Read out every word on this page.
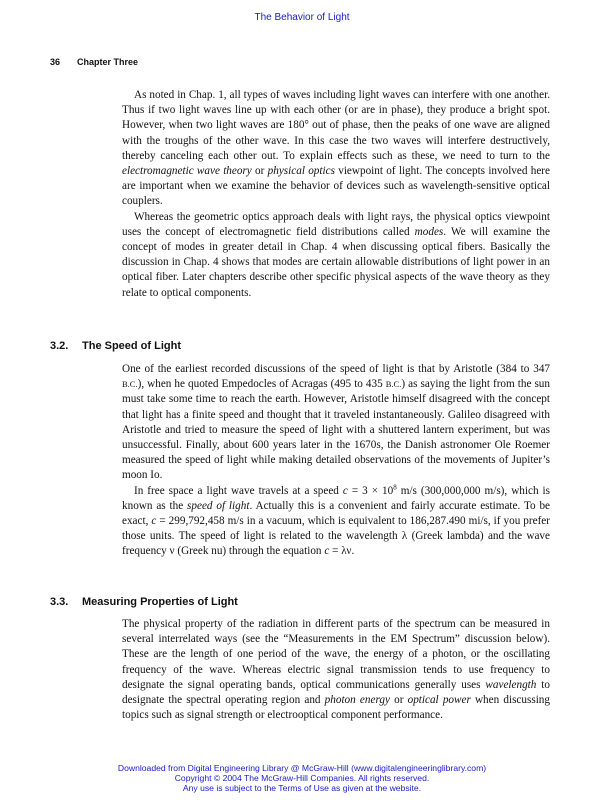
The Behavior of Light
36 Chapter Three

As noted in Chap. 1, all types of waves including light waves can interfere with one another. Thus if two light waves line up with each other (or are in phase), they produce a bright spot. However, when two light waves are 180° out of phase, then the peaks of one wave are aligned with the troughs of the other wave. In this case the two waves will interfere destructively, thereby canceling each other out. To explain effects such as these, we need to turn to the electromagnetic wave theory or physical optics viewpoint of light. The concepts involved here are important when we examine the behavior of devices such as wavelength-sensitive optical couplers.

Whereas the geometric optics approach deals with light rays, the physical optics viewpoint uses the concept of electromagnetic field distributions called modes. We will examine the concept of modes in greater detail in Chap. 4 when discussing optical fibers. Basically the discussion in Chap. 4 shows that modes are certain allowable distributions of light power in an optical fiber. Later chapters describe other specific physical aspects of the wave theory as they relate to optical components.

3.2. The Speed of Light

One of the earliest recorded discussions of the speed of light is that by Aristotle (384 to 347 B.C.), when he quoted Empedocles of Acragas (495 to 435 B.C.) as saying the light from the sun must take some time to reach the earth. However, Aristotle himself disagreed with the concept that light has a finite speed and thought that it traveled instantaneously. Galileo disagreed with Aristotle and tried to measure the speed of light with a shuttered lantern experiment, but was unsuccessful. Finally, about 600 years later in the 1670s, the Danish astronomer Ole Roemer measured the speed of light while making detailed observations of the movements of Jupiter’s moon Io.

In free space a light wave travels at a speed $c = 3 \times 10^8$ m/s (300,000,000 m/s), which is known as the speed of light. Actually this is a convenient and fairly accurate estimate. To be exact, c = 299,792,458 m/s in a vacuum, which is equivalent to 186,287.490 mi/s, if you prefer those units. The speed of light is related to the wavelength λ (Greek lambda) and the wave frequency ν (Greek nu) through the equation c = λν.

3.3. Measuring Properties of Light

The physical property of the radiation in different parts of the spectrum can be measured in several interrelated ways (see the “Measurements in the EM Spectrum” discussion below). These are the length of one period of the wave, the energy of a photon, or the oscillating frequency of the wave. Whereas electric signal transmission tends to use frequency to designate the signal operating bands, optical communications generally uses wavelength to designate the spectral operating region and photon energy or optical power when discussing topics such as signal strength or electrooptical component performance.

Downloaded from Digital Engineering Library @ McGraw-Hill (www.digitalengineeringlibrary.com)
Copyright © 2004 The McGraw-Hill Companies. All rights reserved.
Any use is subject to the Terms of Use as given at the website.
